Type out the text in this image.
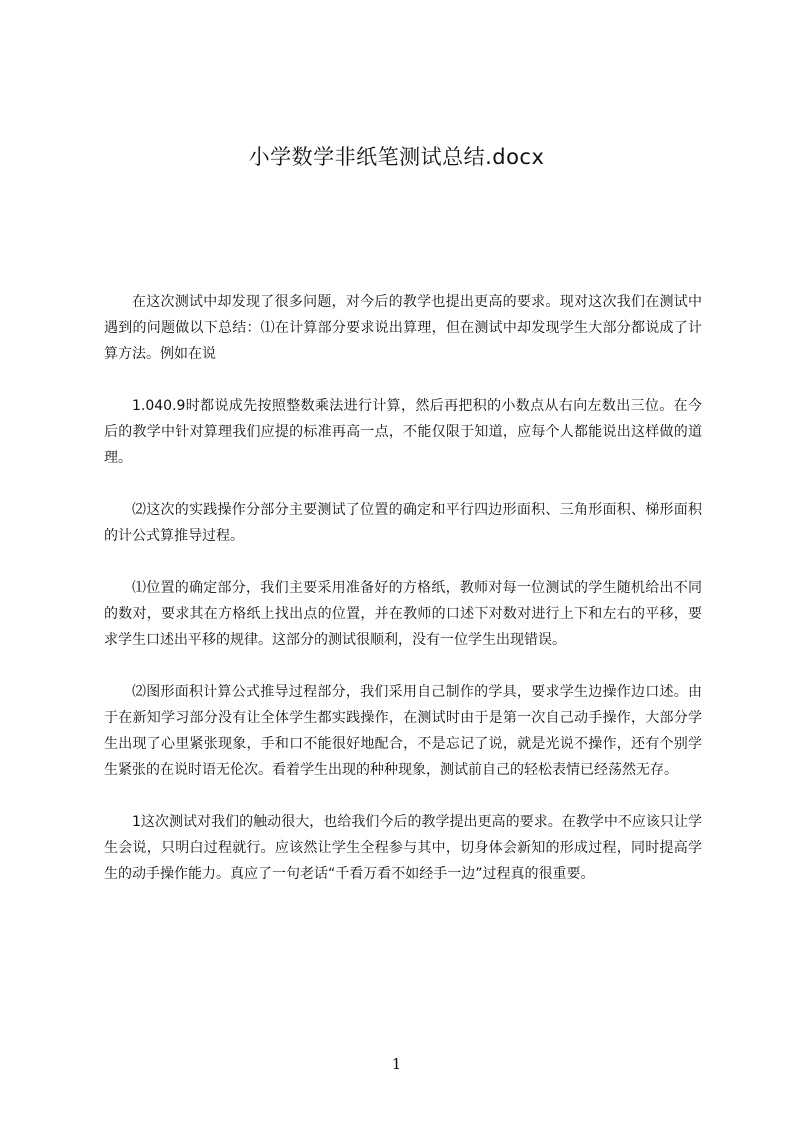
小学数学非纸笔测试总结.docx

在这次测试中却发现了很多问题，对今后的教学也提出更高的要求。现对这次我们在测试中遇到的问题做以下总结：⑴在计算部分要求说出算理，但在测试中却发现学生大部分都说成了计算方法。例如在说

1.040.9时都说成先按照整数乘法进行计算，然后再把积的小数点从右向左数出三位。在今后的教学中针对算理我们应提的标准再高一点，不能仅限于知道，应每个人都能说出这样做的道理。

⑵这次的实践操作分部分主要测试了位置的确定和平行四边形面积、三角形面积、梯形面积的计公式算推导过程。

⑴位置的确定部分，我们主要采用准备好的方格纸，教师对每一位测试的学生随机给出不同的数对，要求其在方格纸上找出点的位置，并在教师的口述下对数对进行上下和左右的平移，要求学生口述出平移的规律。这部分的测试很顺利，没有一位学生出现错误。

⑵图形面积计算公式推导过程部分，我们采用自己制作的学具，要求学生边操作边口述。由于在新知学习部分没有让全体学生都实践操作，在测试时由于是第一次自己动手操作，大部分学生出现了心里紧张现象，手和口不能很好地配合，不是忘记了说，就是光说不操作，还有个别学生紧张的在说时语无伦次。看着学生出现的种种现象，测试前自己的轻松表情已经荡然无存。

1这次测试对我们的触动很大，也给我们今后的教学提出更高的要求。在教学中不应该只让学生会说，只明白过程就行。应该然让学生全程参与其中，切身体会新知的形成过程，同时提高学生的动手操作能力。真应了一句老话“千看万看不如经手一边”过程真的很重要。

1
